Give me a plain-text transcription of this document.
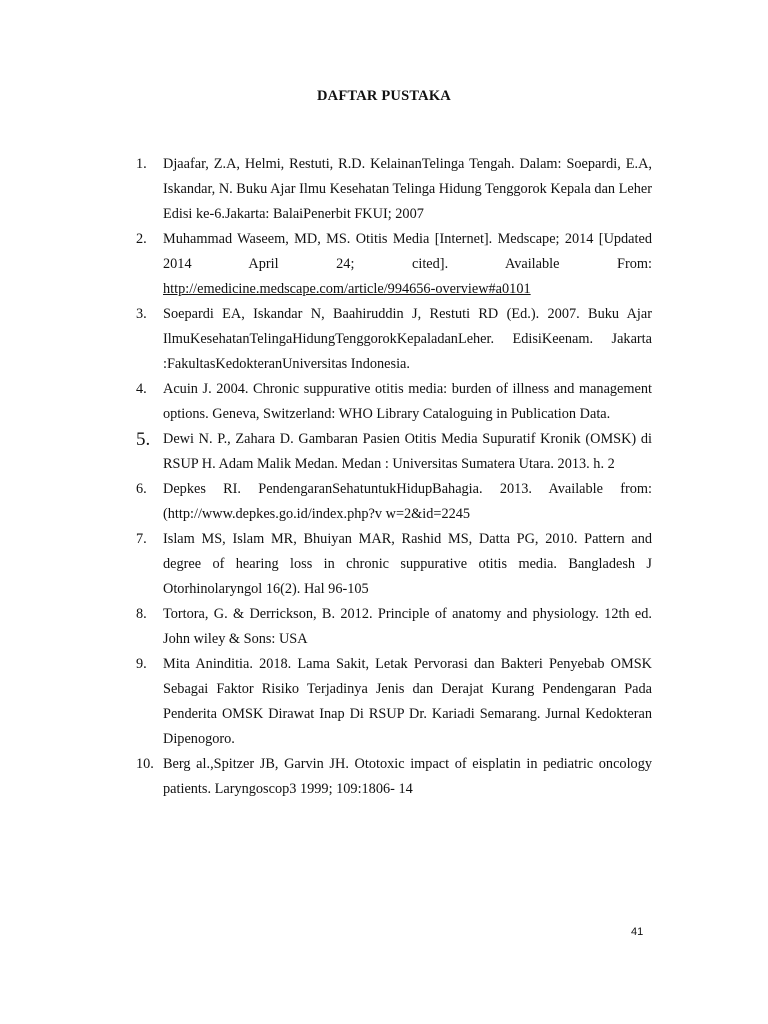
DAFTAR PUSTAKA
1.	Djaafar, Z.A, Helmi, Restuti, R.D. KelainanTelinga Tengah. Dalam: Soepardi, E.A, Iskandar, N. Buku Ajar Ilmu Kesehatan Telinga Hidung Tenggorok Kepala dan Leher Edisi ke-6.Jakarta: BalaiPenerbit FKUI; 2007
2.	Muhammad Waseem, MD, MS. Otitis Media [Internet]. Medscape; 2014 [Updated 2014 April 24; cited]. Available From: http://emedicine.medscape.com/article/994656-overview#a0101
3.	Soepardi EA, Iskandar N, Baahiruddin J, Restuti RD (Ed.). 2007. Buku Ajar IlmuKesehatanTelingaHidungTenggorokKepaladanLeher. EdisiKeenam. Jakarta :FakultasKedokteranUniversitas Indonesia.
4.	Acuin J. 2004. Chronic suppurative otitis media: burden of illness and management options. Geneva, Switzerland: WHO Library Cataloguing in Publication Data.
5. Dewi N. P., Zahara D. Gambaran Pasien Otitis Media Supuratif Kronik (OMSK) di RSUP H. Adam Malik Medan. Medan : Universitas Sumatera Utara. 2013. h. 2
6.	Depkes RI. PendengaranSehatuntukHidupBahagia. 2013. Available from: (http://www.depkes.go.id/index.php?v w=2&id=2245
7.	Islam MS, Islam MR, Bhuiyan MAR, Rashid MS, Datta PG, 2010. Pattern and degree of hearing loss in chronic suppurative otitis media. Bangladesh J Otorhinolaryngol 16(2). Hal 96-105
8.	Tortora, G. & Derrickson, B. 2012. Principle of anatomy and physiology. 12th ed. John wiley & Sons: USA
9.	Mita Aninditia. 2018. Lama Sakit, Letak Pervorasi dan Bakteri Penyebab OMSK Sebagai Faktor Risiko Terjadinya Jenis dan Derajat Kurang Pendengaran Pada Penderita OMSK Dirawat Inap Di RSUP Dr. Kariadi Semarang. Jurnal Kedokteran Dipenogoro.
10. Berg al.,Spitzer JB, Garvin JH. Ototoxic impact of eisplatin in pediatric oncology patients. Laryngoscop3 1999; 109:1806- 14
41
